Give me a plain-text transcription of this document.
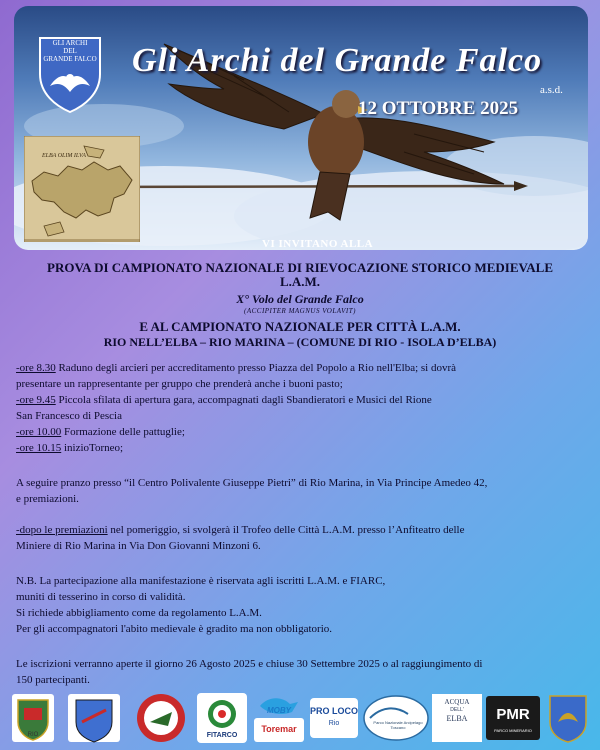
ELBA OLIM ILVA
GLI ARCHI
DEL
GRANDE FALCO Gli Archi del Grande Falco
a.s.d.
12 OTTOBRE 2025
VI INVITANO ALLA
PROVA DI CAMPIONATO NAZIONALE DI RIEVOCAZIONE STORICO MEDIEVALE
L.A.M.
X° Volo del Grande Falco
(ACCIPITER MAGNUS VOLAVIT)
E AL CAMPIONATO NAZIONALE PER CITTÀ L.A.M.
RIO NELL’ELBA – RIO MARINA – (COMUNE DI RIO - ISOLA D’ELBA)
-ore 8.30 Raduno degli arcieri per accreditamento presso Piazza del Popolo a Rio nell'Elba; si dovrà
presentare un rappresentante per gruppo che prenderà anche i buoni pasto;
-ore 9.45 Piccola sfilata di apertura gara, accompagnati dagli Sbandieratori e Musici del Rione
San Francesco di Pescia
-ore 10.00 Formazione delle pattuglie;
-ore 10.15 inizioTorneo;
A seguire pranzo presso “il Centro Polivalente Giuseppe Pietri” di Rio Marina, in Via Principe Amedeo 42,
e premiazioni.
-dopo le premiazioni nel pomeriggio, si svolgerà il Trofeo delle Città L.A.M. presso l’Anfiteatro delle
Miniere di Rio Marina in Via Don Giovanni Minzoni 6.
N.B. La partecipazione alla manifestazione è riservata agli iscritti L.A.M. e FIARC,
muniti di tesserino in corso di validità.
Si richiede abbigliamento come da regolamento L.A.M.
Per gli accompagnatori l'abito medievale è gradito ma non obbligatorio.
Le iscrizioni verranno aperte il giorno 26 Agosto 2025 e chiuse 30 Settembre 2025 o al raggiungimento di
150 partecipanti.
RIO	FITARCO
MOBY
Toremar
PRO LOCO
Rio	Parco Nazionale Arcipelago Toscano
ACQUA
DELL'
ELBA	PMR
PARCO MINERARIO
